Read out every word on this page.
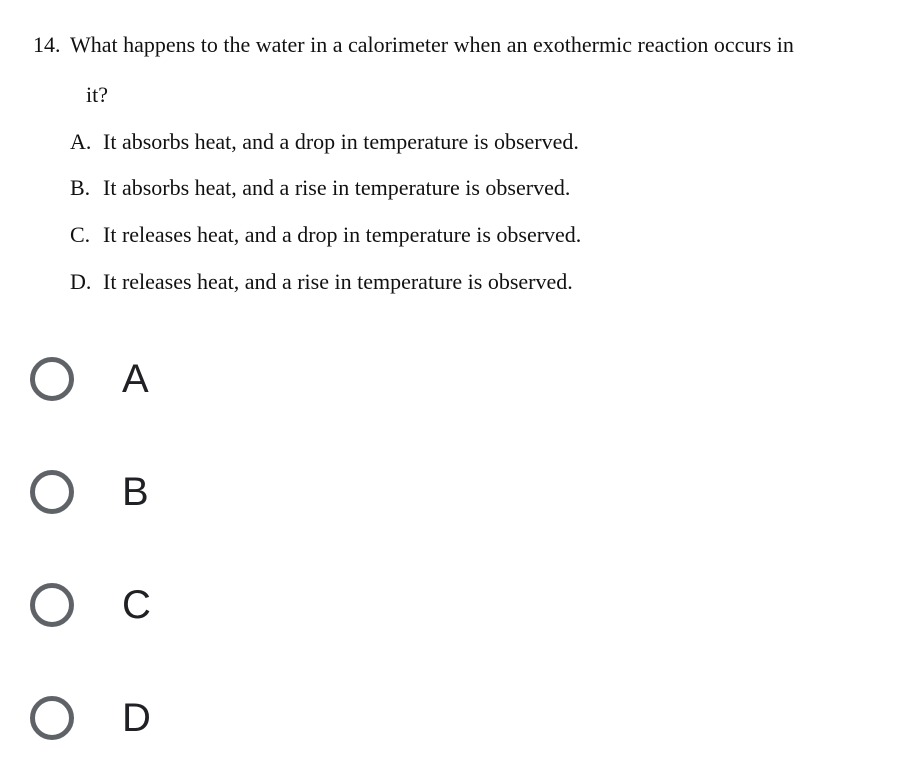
14. What happens to the water in a calorimeter when an exothermic reaction occurs in
it?
A. It absorbs heat, and a drop in temperature is observed.
B. It absorbs heat, and a rise in temperature is observed.
C. It releases heat, and a drop in temperature is observed.
D. It releases heat, and a rise in temperature is observed.
A
B
C
D
